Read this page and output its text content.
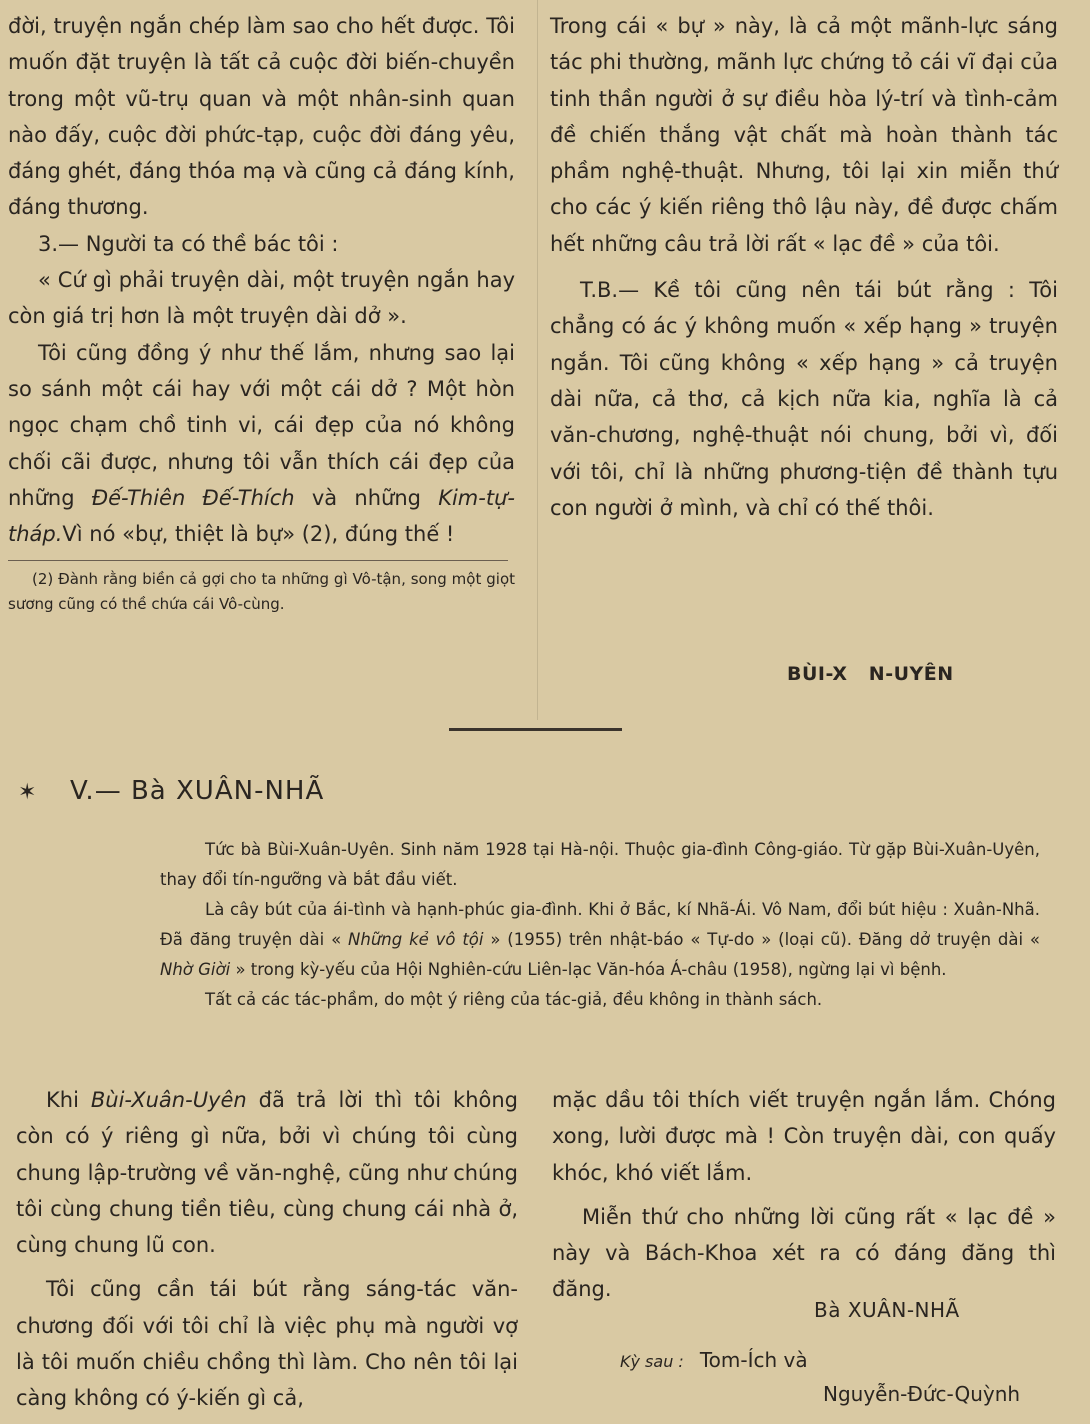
đời, truyện ngắn chép làm sao cho hết được. Tôi muốn đặt truyện là tất cả cuộc đời biến-chuyền trong một vũ-trụ quan và một nhân-sinh quan nào đấy, cuộc đời phức-tạp, cuộc đời đáng yêu, đáng ghét, đáng thóa mạ và cũng cả đáng kính, đáng thương.

3.— Người ta có thề bác tôi :

« Cứ gì phải truyện dài, một truyện ngắn hay còn giá trị hơn là một truyện dài dở ».

Tôi cũng đồng ý như thế lắm, nhưng sao lại so sánh một cái hay với một cái dở ? Một hòn ngọc chạm chồ tinh vi, cái đẹp của nó không chối cãi được, nhưng tôi vẫn thích cái đẹp của những Đế-Thiên Đế-Thích và những Kim-tự-tháp.Vì nó «bự, thiệt là bự» (2), đúng thế !

(2) Đành rằng biền cả gợi cho ta những gì Vô-tận, song một giọt sương cũng có thề chứa cái Vô-cùng.

Trong cái « bự » này, là cả một mãnh-lực sáng tác phi thường, mãnh lực chứng tỏ cái vĩ đại của tinh thần người ở sự điều hòa lý-trí và tình-cảm đề chiến thắng vật chất mà hoàn thành tác phầm nghệ-thuật. Nhưng, tôi lại xin miễn thứ cho các ý kiến riêng thô lậu này, đề được chấm hết những câu trả lời rất « lạc đề » của tôi.

T.B.— Kề tôi cũng nên tái bút rằng : Tôi chẳng có ác ý không muốn « xếp hạng » truyện ngắn. Tôi cũng không « xếp hạng » cả truyện dài nữa, cả thơ, cả kịch nữa kia, nghĩa là cả văn-chương, nghệ-thuật nói chung, bởi vì, đối với tôi, chỉ là những phương-tiện đề thành tựu con người ở mình, và chỉ có thế thôi.

BÙI-X   N-UYÊN
✶ V.— Bà XUÂN-NHÃ

Tức bà Bùi-Xuân-Uyên. Sinh năm 1928 tại Hà-nội. Thuộc gia-đình Công-giáo. Từ gặp Bùi-Xuân-Uyên, thay đổi tín-ngưỡng và bắt đầu viết.

Là cây bút của ái-tình và hạnh-phúc gia-đình. Khi ở Bắc, kí Nhã-Ái. Vô Nam, đổi bút hiệu : Xuân-Nhã. Đã đăng truyện dài « Những kẻ vô tội » (1955) trên nhật-báo « Tự-do » (loại cũ). Đăng dở truyện dài « Nhờ Giời » trong kỳ-yếu của Hội Nghiên-cứu Liên-lạc Văn-hóa Á-châu (1958), ngừng lại vì bệnh.

Tất cả các tác-phầm, do một ý riêng của tác-giả, đều không in thành sách.

Khi Bùi-Xuân-Uyên đã trả lời thì tôi không còn có ý riêng gì nữa, bởi vì chúng tôi cùng chung lập-trường về văn-nghệ, cũng như chúng tôi cùng chung tiền tiêu, cùng chung cái nhà ở, cùng chung lũ con.

Tôi cũng cần tái bút rằng sáng-tác văn-chương đối với tôi chỉ là việc phụ mà người vợ là tôi muốn chiều chồng thì làm. Cho nên tôi lại càng không có ý-kiến gì cả,

mặc dầu tôi thích viết truyện ngắn lắm. Chóng xong, lười được mà ! Còn truyện dài, con quấy khóc, khó viết lắm.

Miễn thứ cho những lời cũng rất « lạc đề » này và Bách-Khoa xét ra có đáng đăng thì đăng.

Bà XUÂN-NHÃ
Kỳ sau : Tom-Ích và
Nguyễn-Đức-Quỳnh
